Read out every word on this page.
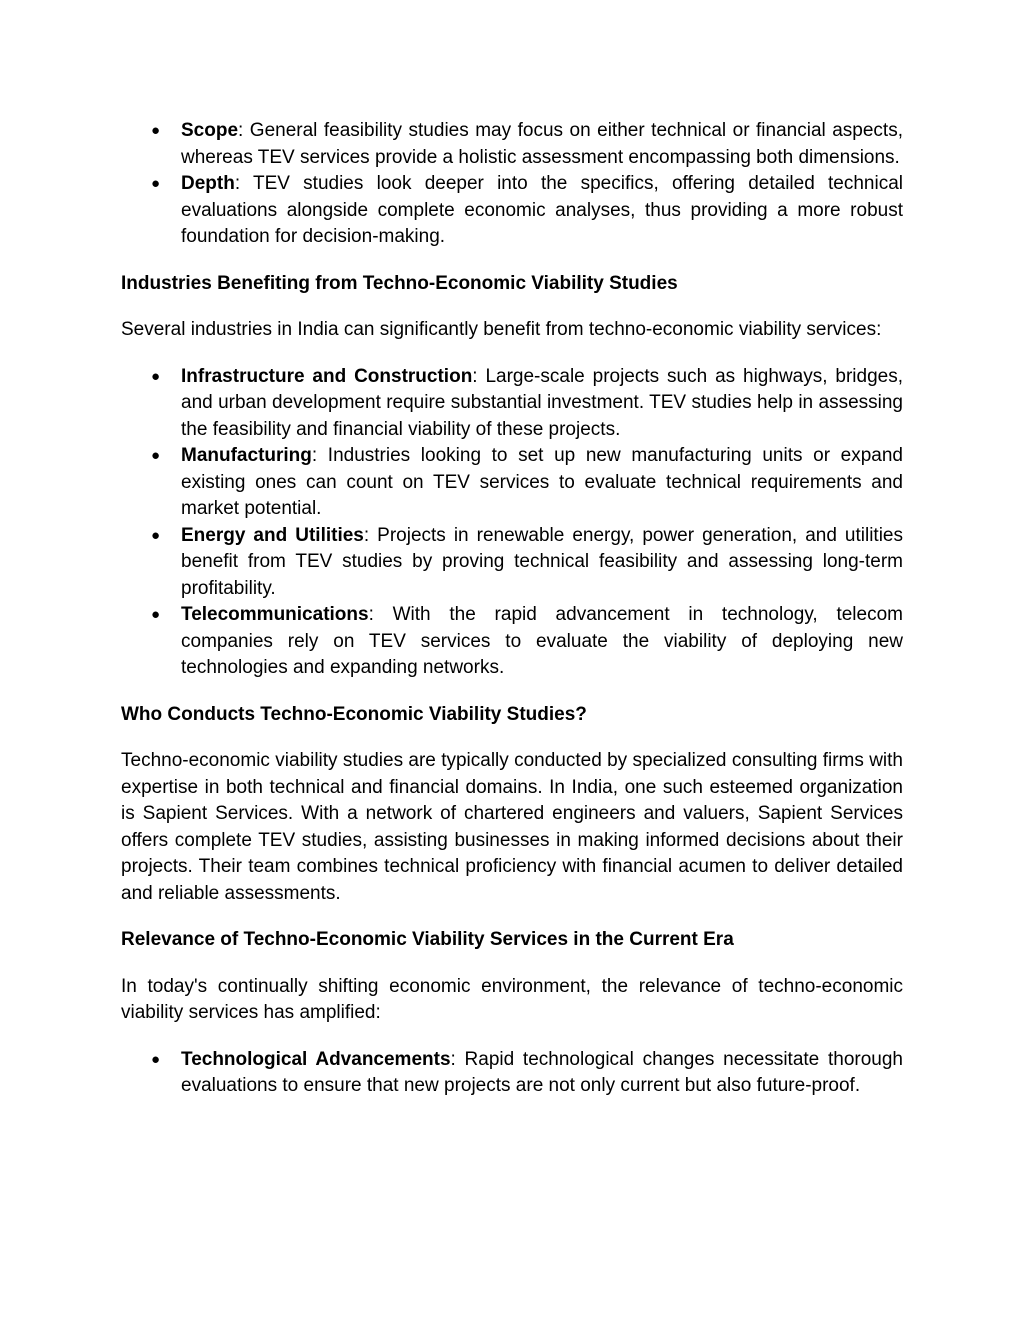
● Scope: General feasibility studies may focus on either technical or financial aspects, whereas TEV services provide a holistic assessment encompassing both dimensions.
● Depth: TEV studies look deeper into the specifics, offering detailed technical evaluations alongside complete economic analyses, thus providing a more robust foundation for decision-making.
Industries Benefiting from Techno-Economic Viability Studies

Several industries in India can significantly benefit from techno-economic viability services:

● Infrastructure and Construction: Large-scale projects such as highways, bridges, and urban development require substantial investment. TEV studies help in assessing the feasibility and financial viability of these projects.
● Manufacturing: Industries looking to set up new manufacturing units or expand existing ones can count on TEV services to evaluate technical requirements and market potential.
● Energy and Utilities: Projects in renewable energy, power generation, and utilities benefit from TEV studies by proving technical feasibility and assessing long-term profitability.
● Telecommunications: With the rapid advancement in technology, telecom companies rely on TEV services to evaluate the viability of deploying new technologies and expanding networks.
Who Conducts Techno-Economic Viability Studies?

Techno-economic viability studies are typically conducted by specialized consulting firms with expertise in both technical and financial domains. In India, one such esteemed organization is Sapient Services. With a network of chartered engineers and valuers, Sapient Services offers complete TEV studies, assisting businesses in making informed decisions about their projects. Their team combines technical proficiency with financial acumen to deliver detailed and reliable assessments.

Relevance of Techno-Economic Viability Services in the Current Era

In today's continually shifting economic environment, the relevance of techno-economic viability services has amplified:

● Technological Advancements: Rapid technological changes necessitate thorough evaluations to ensure that new projects are not only current but also future-proof.
